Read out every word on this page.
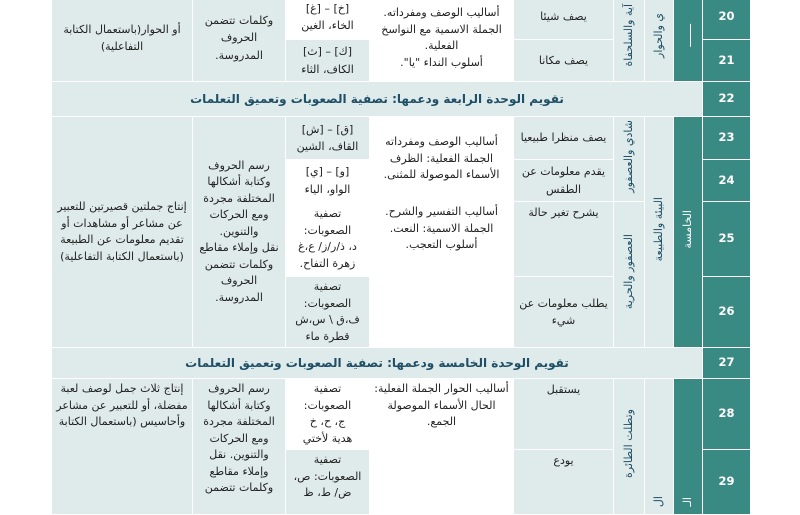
20	ـــــــ	ي والحوار	آية والسلحفاة	يصف شيئا	أساليب الوصف ومفرداته.
الجملة الاسمية مع النواسخ الفعلية.
أسلوب النداء "يا".	[خ] – [غ]
الخاء، الغين	وكلمات تتضمن الحروف المدروسة.	أو الحوار(باستعمال الكتابة التفاعلية)
21				يصف مكانا		[ك] – [ث]
الكاف، الثاء		
22	تقويم الوحدة الرابعة ودعمها: تصفية الصعوبات وتعميق التعلمات							
23	الخامسة	البيئة والطبيعة	شادي والعصفور	يصف منظرا طبيعيا	أساليب الوصف ومفرداته
الجملة الفعلية: الظرف
الأسماء الموصولة للمثنى.	[ق] – [ش]
القاف، الشين	رسم الحروف وكتابة أشكالها المختلفة مجردة ومع الحركات والتنوين.
نقل وإملاء مقاطع وكلمات تتضمن الحروف المدروسة.	إنتاج جملتين قصيرتين للتعبير عن مشاعر أو مشاهدات أو تقديم معلومات عن الطبيعة (باستعمال الكتابة التفاعلية)
24				يقدم معلومات عن الطقس		[و] – [ي]
الواو، الياء		
25			العصفور والحرية	يشرح تغير حالة	أساليب التفسير والشرح. الجملة الاسمية: النعت. أسلوب التعجب.	تصفية الصعوبات:
د، ذ/ر/ز/ ع،غ
زهرة التفاح.		
26				يطلب معلومات عن شيء		تصفية الصعوبات:
ف،ق \ س،ش
قطرة ماء		
27	تقويم الوحدة الخامسة ودعمها: تصفية الصعوبات وتعميق التعلمات							
28	الـ	ال	وتطلت الطائرة	يستقبل	أساليب الحوار الجملة الفعلية: الحال الأسماء الموصولة الجمع.	تصفية الصعوبات:
ج، ح، خ
هدية لأختي	رسم الحروف وكتابة أشكالها المختلفة مجردة ومع الحركات والتنوين. نقل وإملاء مقاطع وكلمات تتضمن	إنتاج ثلاث جمل لوصف لعبة مفضلة، أو للتعبير عن مشاعر وأحاسيس (باستعمال الكتابة
29				يودع		تصفية الصعوبات: ص، ض/ ط، ظ		
